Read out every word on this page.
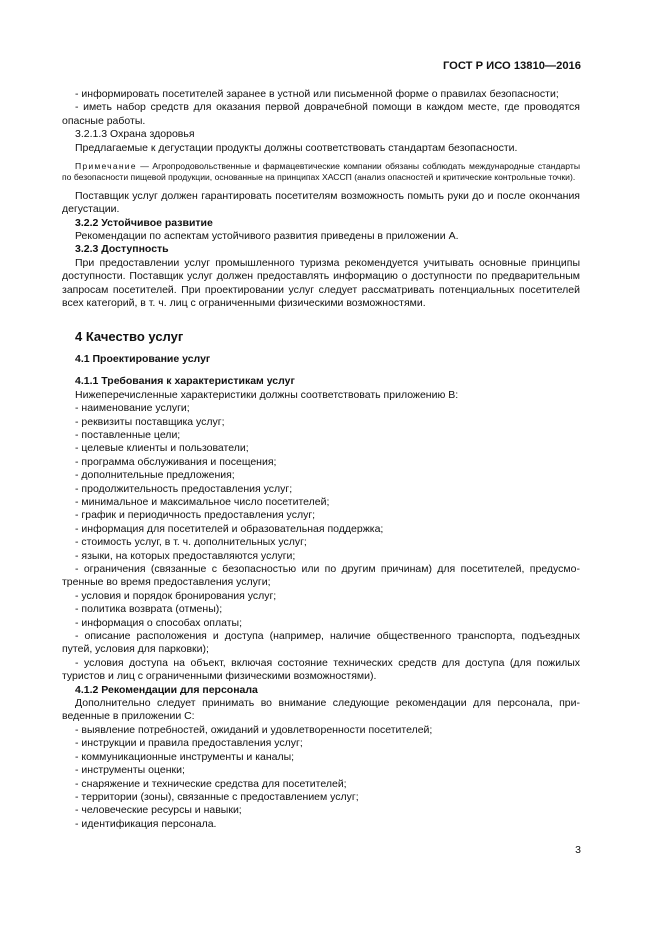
ГОСТ Р ИСО 13810—2016

- информировать посетителей заранее в устной или письменной форме о правилах безопасности;

- иметь набор средств для оказания первой доврачебной помощи в каждом месте, где проводятся опасные работы.

3.2.1.3 Охрана здоровья

Предлагаемые к дегустации продукты должны соответствовать стандартам безопасности.

Примечание — Агропродовольственные и фармацевтические компании обязаны соблюдать международные стандарты по безопасности пищевой продукции, основанные на принципах ХАССП (анализ опасностей и критические контрольные точки).

Поставщик услуг должен гарантировать посетителям возможность помыть руки до и после окончания дегустации.

3.2.2 Устойчивое развитие

Рекомендации по аспектам устойчивого развития приведены в приложении А.

3.2.3 Доступность

При предоставлении услуг промышленного туризма рекомендуется учитывать основные принципы доступности. Поставщик услуг должен предоставлять информацию о доступности по предварительным запросам посетителей. При проектировании услуг следует рассматривать потенциальных посетителей всех категорий, в т. ч. лиц с ограниченными физическими возможностями.

4 Качество услуг

4.1 Проектирование услуг

4.1.1 Требования к характеристикам услуг

Нижеперечисленные характеристики должны соответствовать приложению В:

- наименование услуги;

- реквизиты поставщика услуг;

- поставленные цели;

- целевые клиенты и пользователи;

- программа обслуживания и посещения;

- дополнительные предложения;

- продолжительность предоставления услуг;

- минимальное и максимальное число посетителей;

- график и периодичность предоставления услуг;

- информация для посетителей и образовательная поддержка;

- стоимость услуг, в т. ч. дополнительных услуг;

- языки, на которых предоставляются услуги;

- ограничения (связанные с безопасностью или по другим причинам) для посетителей, предусмотренные во время предоставления услуги;

- условия и порядок бронирования услуг;

- политика возврата (отмены);

- информация о способах оплаты;

- описание расположения и доступа (например, наличие общественного транспорта, подъездных путей, условия для парковки);

- условия доступа на объект, включая состояние технических средств для доступа (для пожилых туристов и лиц с ограниченными физическими возможностями).

4.1.2 Рекомендации для персонала

Дополнительно следует принимать во внимание следующие рекомендации для персонала, приведенные в приложении С:

- выявление потребностей, ожиданий и удовлетворенности посетителей;

- инструкции и правила предоставления услуг;

- коммуникационные инструменты и каналы;

- инструменты оценки;

- снаряжение и технические средства для посетителей;

- территории (зоны), связанные с предоставлением услуг;

- человеческие ресурсы и навыки;

- идентификация персонала.

3
